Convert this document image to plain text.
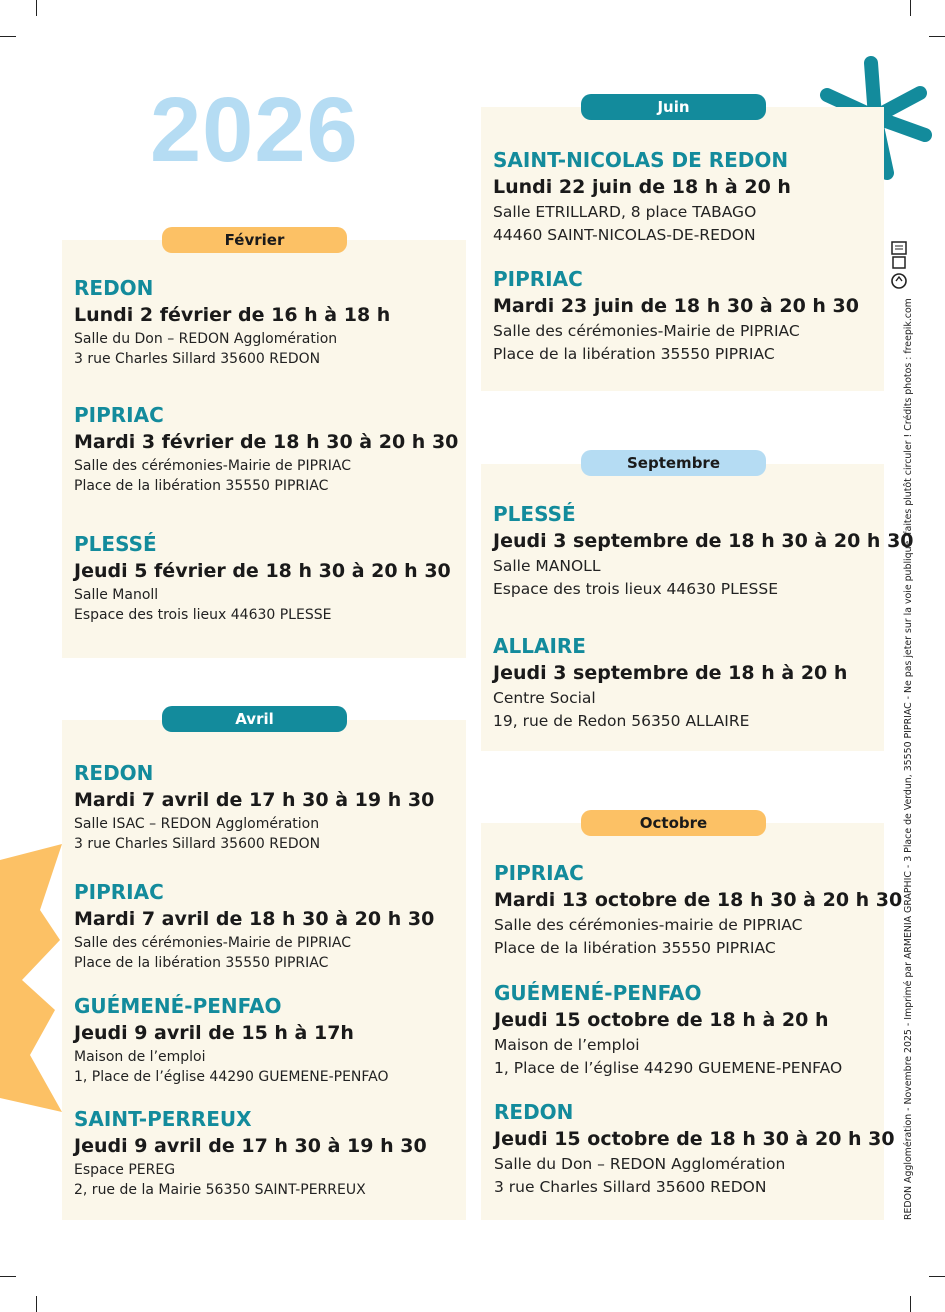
2026
Février
REDON
Lundi 2 février de 16 h à 18 h
Salle du Don – REDON Agglomération
3 rue Charles Sillard 35600 REDON
PIPRIAC
Mardi 3 février de 18 h 30 à 20 h 30
Salle des cérémonies-Mairie de PIPRIAC
Place de la libération 35550 PIPRIAC
PLESSÉ
Jeudi 5 février de 18 h 30 à 20 h 30
Salle Manoll
Espace des trois lieux 44630 PLESSE
Avril
REDON
Mardi 7 avril de 17 h 30 à 19 h 30
Salle ISAC – REDON Agglomération
3 rue Charles Sillard 35600 REDON
PIPRIAC
Mardi 7 avril de 18 h 30 à 20 h 30
Salle des cérémonies-Mairie de PIPRIAC
Place de la libération 35550 PIPRIAC
GUÉMENÉ-PENFAO
Jeudi 9 avril de 15 h à 17h
Maison de l’emploi
1, Place de l’église 44290 GUEMENE-PENFAO
SAINT-PERREUX
Jeudi 9 avril de 17 h 30 à 19 h 30
Espace PEREG
2, rue de la Mairie 56350 SAINT-PERREUX
Juin
SAINT-NICOLAS DE REDON
Lundi 22 juin de 18 h à 20 h
Salle ETRILLARD, 8 place TABAGO
44460 SAINT-NICOLAS-DE-REDON
PIPRIAC
Mardi 23 juin de 18 h 30 à 20 h 30
Salle des cérémonies-Mairie de PIPRIAC
Place de la libération 35550 PIPRIAC
Septembre
PLESSÉ
Jeudi 3 septembre de 18 h 30 à 20 h 30
Salle MANOLL
Espace des trois lieux 44630 PLESSE
ALLAIRE
Jeudi 3 septembre de 18 h à 20 h
Centre Social
19, rue de Redon 56350 ALLAIRE
Octobre
PIPRIAC
Mardi 13 octobre de 18 h 30 à 20 h 30
Salle des cérémonies-mairie de PIPRIAC
Place de la libération 35550 PIPRIAC
GUÉMENÉ-PENFAO
Jeudi 15 octobre de 18 h à 20 h
Maison de l’emploi
1, Place de l’église 44290 GUEMENE-PENFAO
REDON
Jeudi 15 octobre de 18 h 30 à 20 h 30
Salle du Don – REDON Agglomération
3 rue Charles Sillard 35600 REDON	REDON Agglomération - Novembre 2025 - Imprimé par ARMENIA GRAPHIC - 3 Place de Verdun, 35550 PIPRIAC - Ne pas jeter sur la voie publique, faites plutôt circuler ! Crédits photos : freepik.com
